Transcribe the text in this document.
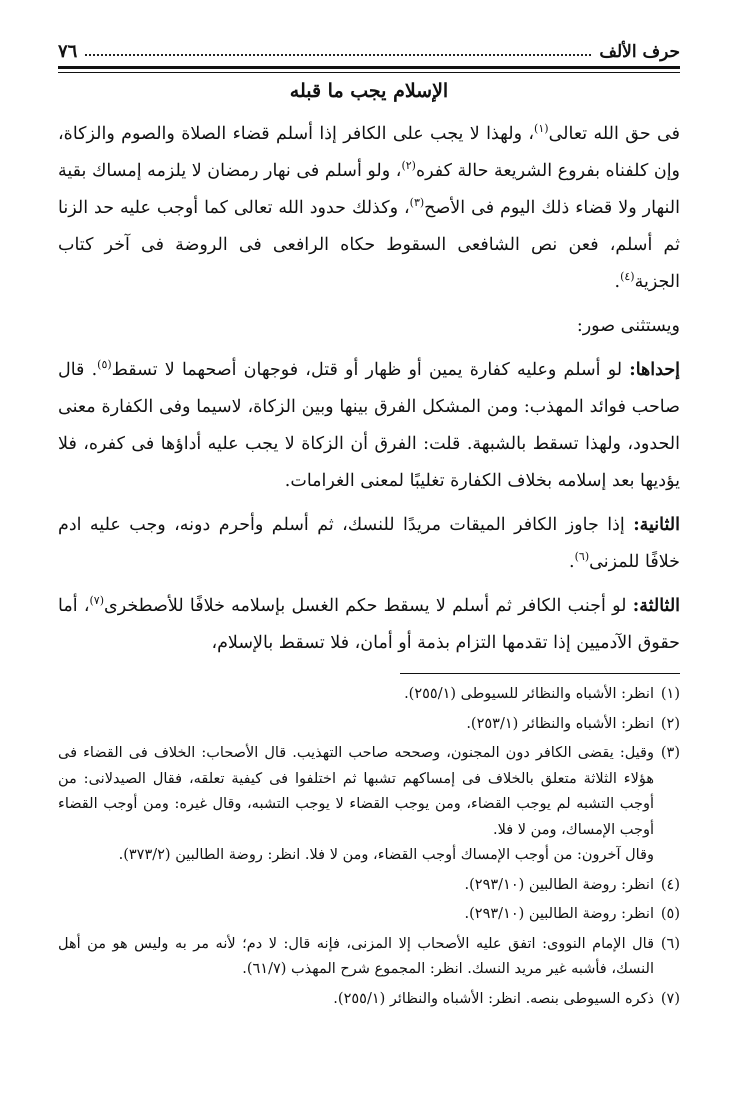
حرف الألف
٧٦
الإسلام يجب ما قبله

فى حق الله تعالى$^{(١)}$، ولهذا لا يجب على الكافر إذا أسلم قضاء الصلاة والصوم والزكاة، وإن كلفناه بفروع الشريعة حالة كفره$^{(٢)}$، ولو أسلم فى نهار رمضان لا يلزمه إمساك بقية النهار ولا قضاء ذلك اليوم فى الأصح$^{(٣)}$، وكذلك حدود الله تعالى كما أوجب عليه حد الزنا ثم أسلم، فعن نص الشافعى السقوط حكاه الرافعى فى الروضة فى آخر كتاب الجزية$^{(٤)}$.

ويستثنى صور:

إحداها: لو أسلم وعليه كفارة يمين أو ظهار أو قتل، فوجهان أصحهما لا تسقط$^{(٥)}$. قال صاحب فوائد المهذب: ومن المشكل الفرق بينها وبين الزكاة، لاسيما وفى الكفارة معنى الحدود، ولهذا تسقط بالشبهة. قلت: الفرق أن الزكاة لا يجب عليه أداؤها فى كفره، فلا يؤديها بعد إسلامه بخلاف الكفارة تغليبًا لمعنى الغرامات.

الثانية: إذا جاوز الكافر الميقات مريدًا للنسك، ثم أسلم وأحرم دونه، وجب عليه ادم خلافًا للمزنى$^{(٦)}$.

الثالثة: لو أجنب الكافر ثم أسلم لا يسقط حكم الغسل بإسلامه خلافًا للأصطخرى$^{(٧)}$، أما حقوق الآدميين إذا تقدمها التزام بذمة أو أمان، فلا تسقط بالإسلام،

(١)
انظر: الأشباه والنظائر للسيوطى (٢٥٥/١).
(٢)
انظر: الأشباه والنظائر (٢٥٣/١).
(٣)
وقيل: يقضى الكافر دون المجنون، وصححه صاحب التهذيب. قال الأصحاب: الخلاف فى القضاء فى هؤلاء الثلاثة متعلق بالخلاف فى إمساكهم تشبها ثم اختلفوا فى كيفية تعلقه، فقال الصيدلانى: من أوجب التشبه لم يوجب القضاء، ومن يوجب القضاء لا يوجب التشبه، وقال غيره: ومن أوجب القضاء أوجب الإمساك، ومن لا فلا.
وقال آخرون: من أوجب الإمساك أوجب القضاء، ومن لا فلا. انظر: روضة الطالبين (٣٧٣/٢).
(٤)
انظر: روضة الطالبين (٢٩٣/١٠).
(٥)
انظر: روضة الطالبين (٢٩٣/١٠).
(٦)
قال الإمام النووى: اتفق عليه الأصحاب إلا المزنى، فإنه قال: لا دم؛ لأنه مر به وليس هو من أهل النسك، فأشبه غير مريد النسك. انظر: المجموع شرح المهذب (٦١/٧).
(٧)
ذكره السيوطى بنصه. انظر: الأشباه والنظائر (٢٥٥/١).
